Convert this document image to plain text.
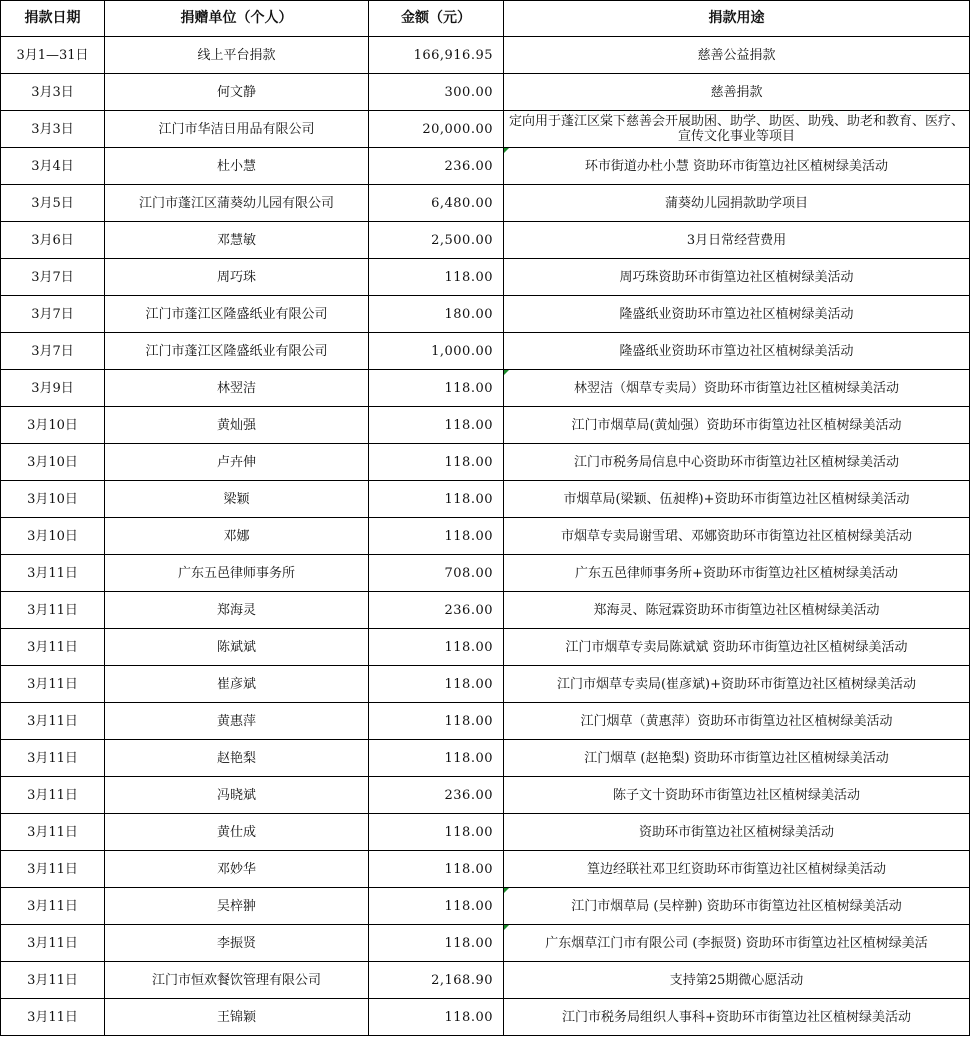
捐款日期	捐赠单位（个人）	金额（元）	捐款用途
3月1—31日	线上平台捐款	166,916.95	慈善公益捐款
3月3日	何文静	300.00	慈善捐款
3月3日	江门市华洁日用品有限公司	20,000.00	定向用于蓬江区棠下慈善会开展助困、助学、助医、助残、助老和教育、医疗、宣传文化事业等项目
3月4日	杜小慧	236.00	环市街道办杜小慧 资助环市街篁边社区植树绿美活动
3月5日	江门市蓬江区蒲葵幼儿园有限公司	6,480.00	蒲葵幼儿园捐款助学项目
3月6日	邓慧敏	2,500.00	3月日常经营费用
3月7日	周巧珠	118.00	周巧珠资助环市街篁边社区植树绿美活动
3月7日	江门市蓬江区隆盛纸业有限公司	180.00	隆盛纸业资助环市篁边社区植树绿美活动
3月7日	江门市蓬江区隆盛纸业有限公司	1,000.00	隆盛纸业资助环市篁边社区植树绿美活动
3月9日	林翌洁	118.00	林翌洁（烟草专卖局）资助环市街篁边社区植树绿美活动
3月10日	黄灿强	118.00	江门市烟草局(黄灿强）资助环市街篁边社区植树绿美活动
3月10日	卢卉伸	118.00	江门市税务局信息中心资助环市街篁边社区植树绿美活动
3月10日	梁颖	118.00	市烟草局(梁颖、伍昶桦)+资助环市街篁边社区植树绿美活动
3月10日	邓娜	118.00	市烟草专卖局谢雪珺、邓娜资助环市街篁边社区植树绿美活动
3月11日	广东五邑律师事务所	708.00	广东五邑律师事务所+资助环市街篁边社区植树绿美活动
3月11日	郑海灵	236.00	郑海灵、陈冠霖资助环市街篁边社区植树绿美活动
3月11日	陈斌斌	118.00	江门市烟草专卖局陈斌斌 资助环市街篁边社区植树绿美活动
3月11日	崔彦斌	118.00	江门市烟草专卖局(崔彦斌)+资助环市街篁边社区植树绿美活动
3月11日	黄惠萍	118.00	江门烟草（黄惠萍）资助环市街篁边社区植树绿美活动
3月11日	赵艳梨	118.00	江门烟草 (赵艳梨) 资助环市街篁边社区植树绿美活动
3月11日	冯晓斌	236.00	陈子文十资助环市街篁边社区植树绿美活动
3月11日	黄仕成	118.00	资助环市街篁边社区植树绿美活动
3月11日	邓妙华	118.00	篁边经联社邓卫红资助环市街篁边社区植树绿美活动
3月11日	吴梓翀	118.00	江门市烟草局 (吴梓翀) 资助环市街篁边社区植树绿美活动
3月11日	李振贤	118.00	广东烟草江门市有限公司 (李振贤) 资助环市街篁边社区植树绿美活
3月11日	江门市恒欢餐饮管理有限公司	2,168.90	支持第25期微心愿活动
3月11日	王锦颖	118.00	江门市税务局组织人事科+资助环市街篁边社区植树绿美活动
